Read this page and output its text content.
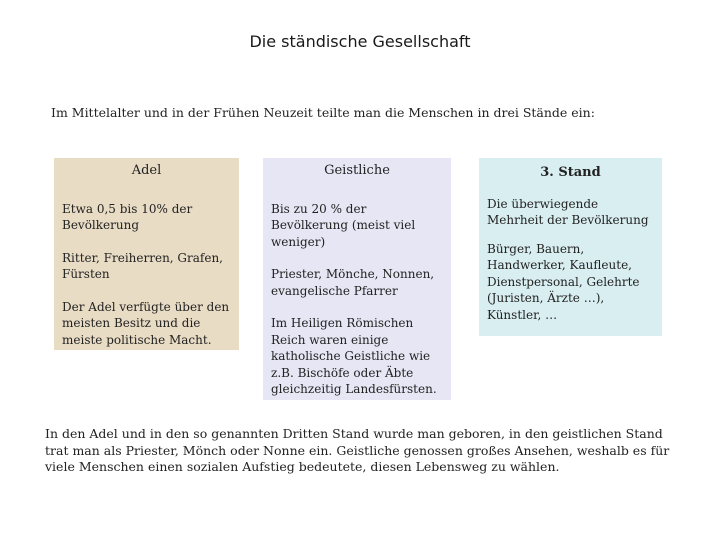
Die ständische Gesellschaft
Im Mittelalter und in der Frühen Neuzeit teilte man die Menschen in drei Stände ein:
Adel

Etwa 0,5 bis 10% der Bevölkerung

Ritter, Freiherren, Grafen, Fürsten

Der Adel verfügte über den meisten Besitz und die meiste politische Macht.

Geistliche

Bis zu 20 % der Bevölkerung (meist viel weniger)

Priester, Mönche, Nonnen, evangelische Pfarrer

Im Heiligen Römischen Reich waren einige katholische Geistliche wie z.B. Bischöfe oder Äbte gleichzeitig Landesfürsten.

3. Stand

Die überwiegende Mehrheit der Bevölkerung

Bürger, Bauern, Handwerker, Kaufleute, Dienstpersonal, Gelehrte (Juristen, Ärzte …), Künstler, …

In den Adel und in den so genannten Dritten Stand wurde man geboren, in den geistlichen Stand trat man als Priester, Mönch oder Nonne ein. Geistliche genossen großes Ansehen, weshalb es für viele Menschen einen sozialen Aufstieg bedeutete, diesen Lebensweg zu wählen.
